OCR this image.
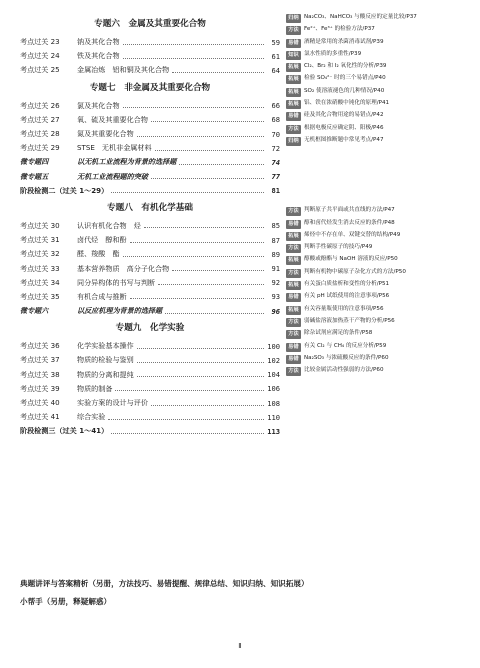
专题六　金属及其重要化合物
考点过关 23	钠及其化合物	59
考点过关 24	铁及其化合物	61
考点过关 25	金属冶炼　铝和铜及其化合物	64
专题七　非金属及其重要化合物
考点过关 26	氯及其化合物	66
考点过关 27	氧、硫及其重要化合物	68
考点过关 28	氮及其重要化合物	70
考点过关 29	STSE　无机非金属材料	72
微专题四	以无机工业流程为背景的选择题	74
微专题五	无机工业流程题的突破	77
阶段检测二（过关 1～29）	81
专题八　有机化学基础
考点过关 30	认识有机化合物　烃	85
考点过关 31	卤代烃　醇和酚	87
考点过关 32	醛、羧酸　酯	89
考点过关 33	基本营养物质　高分子化合物	91
考点过关 34	同分异构体的书写与判断	92
考点过关 35	有机合成与推断	93
微专题六	以反应机理为背景的选择题	96
专题九　化学实验
考点过关 36	化学实验基本操作	100
考点过关 37	物质的检验与鉴别	102
考点过关 38	物质的分离和提纯	104
考点过关 39	物质的制备	106
考点过关 40	实验方案的设计与评价	108
考点过关 41	综合实验	110
阶段检测三（过关 1～41）	113
归纳 Na₂CO₃、NaHCO₃ 与酸反应的定量比较/P37
方法 Fe²⁺、Fe³⁺ 的检验方法/P37
易错 酒精是常用的杀菌消毒试剂/P39
知识 氯水性质的多重性/P39
拓展 Cl₂、Br₂ 和 I₂ 氧化性的分析/P39
拓展 检验 SO₄²⁻ 时的三个易错点/P40
拓展 SO₂ 使溶液褪色的几种情况/P40
拓展 铝、铁在浓硝酸中钝化的原理/P41
易错 硅及其化合物用途的易错点/P42
方法 根据电极反应确定阴、阳极/P46
归纳 无机框图推断题中常见考点/P47
方法 判断原子共平面或共直线的方法/P47
易错 醇和卤代烃发生消去反应的条件/P48
拓展 烯烃中不存在单、双键交替的结构/P49
方法 判断手性碳原子的技巧/P49
拓展 醇酸或酚酯与 NaOH 溶液的反应/P50
方法 判断有机物中碳原子杂化方式的方法/P50
拓展 有关蛋白质盐析和变性的分析/P51
易错 有关 pH 试纸使用的注意事项/P56
拓展 有关容量瓶使用的注意事项/P56
方法 弱碱盐溶液加热蒸干产物的分析/P56
方法 除杂试剂应满足的条件/P58
易错 有关 Cl₂ 与 CH₄ 的反应分析/P59
易错 Na₂SO₃ 与浓硫酸反应的条件/P60
方法 比较金属活动性强弱的方法/P60
典题讲评与答案精析（另册，方法技巧、易错提醒、规律总结、知识归纳、知识拓展）
小帮手（另册，释疑解惑）
Ⅱ
